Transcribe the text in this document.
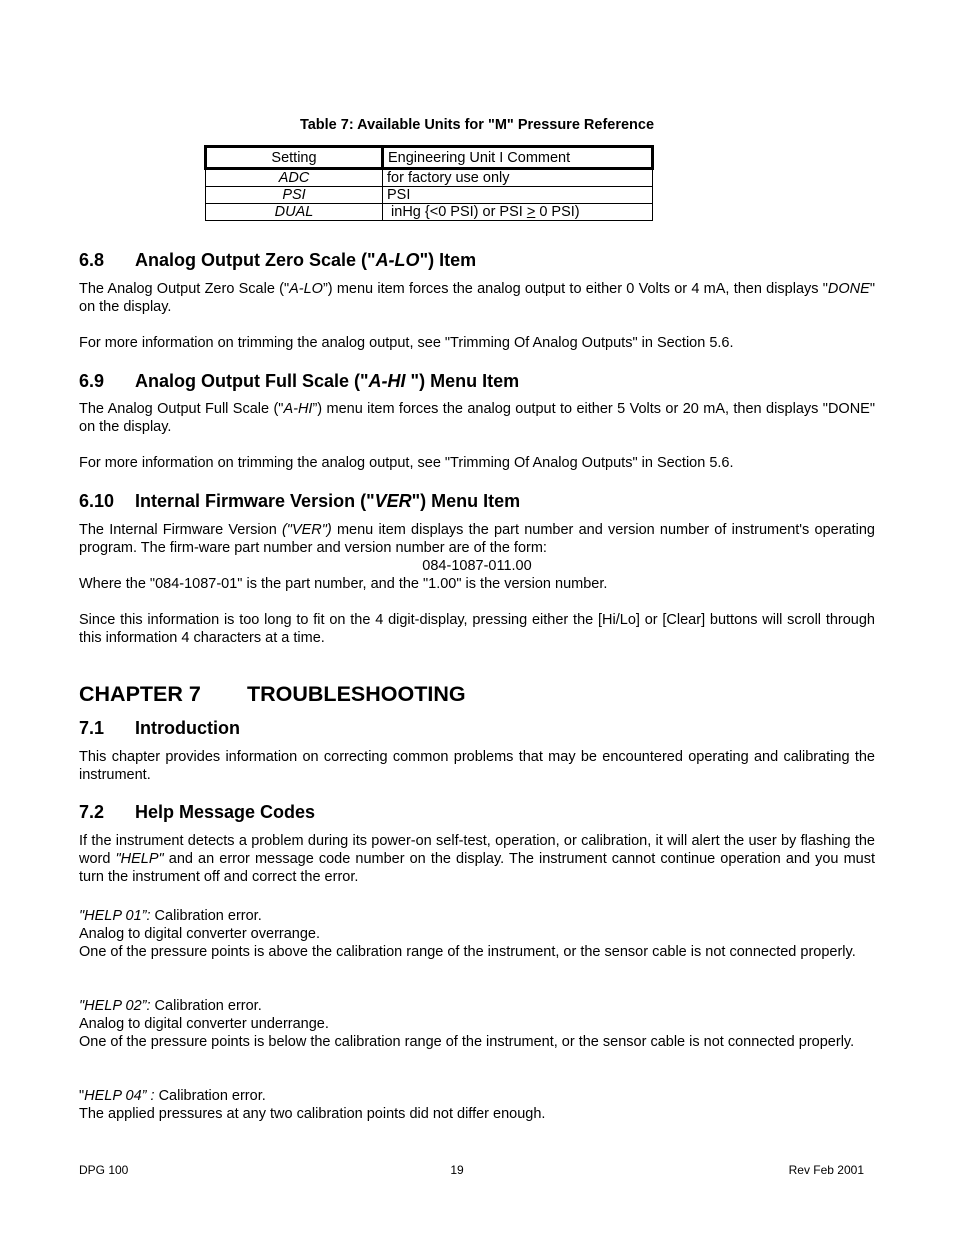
Table 7: Available Units for "M" Pressure Reference
Setting	Engineering Unit I Comment
ADC	for factory use only
PSI	PSI
DUAL	inHg {<0 PSI) or PSI > 0 PSI)
6.8 Analog Output Zero Scale ("A-LO") Item

The Analog Output Zero Scale ("A-LO”) menu item forces the analog output to either 0 Volts or 4 mA, then displays "DONE" on the display.

For more information on trimming the analog output, see "Trimming Of Analog Outputs" in Section 5.6.
6.9 Analog Output Full Scale ("A-HI ") Menu Item

The Analog Output Full Scale ("A-HI”) menu item forces the analog output to either 5 Volts or 20 mA, then displays "DONE" on the display.

For more information on trimming the analog output, see "Trimming Of Analog Outputs" in Section 5.6.
6.10 Internal Firmware Version ("VER") Menu Item

The Internal Firmware Version ("VER") menu item displays the part number and version number of instrument's operating program. The firm-ware part number and version number are of the form:

084-1087-011.00

Where the "084-1087-01" is the part number, and the "1.00" is the version number.

Since this information is too long to fit on the 4 digit-display, pressing either the [Hi/Lo] or [Clear] buttons will scroll through this information 4 characters at a time.
CHAPTER 7 TROUBLESHOOTING
7.1 Introduction
This chapter provides information on correcting common problems that may be encountered operating and calibrating the instrument.
7.2 Help Message Codes

If the instrument detects a problem during its power-on self-test, operation, or calibration, it will alert the user by flashing the word "HELP" and an error message code number on the display. The instrument cannot continue operation and you must turn the instrument off and correct the error.

"HELP 01”: Calibration error.

Analog to digital converter overrange.

One of the pressure points is above the calibration range of the instrument, or the sensor cable is not connected properly.

"HELP 02”: Calibration error.

Analog to digital converter underrange.

One of the pressure points is below the calibration range of the instrument, or the sensor cable is not connected properly.

"HELP 04” : Calibration error.

The applied pressures at any two calibration points did not differ enough.

DPG 100	19	Rev Feb 2001
